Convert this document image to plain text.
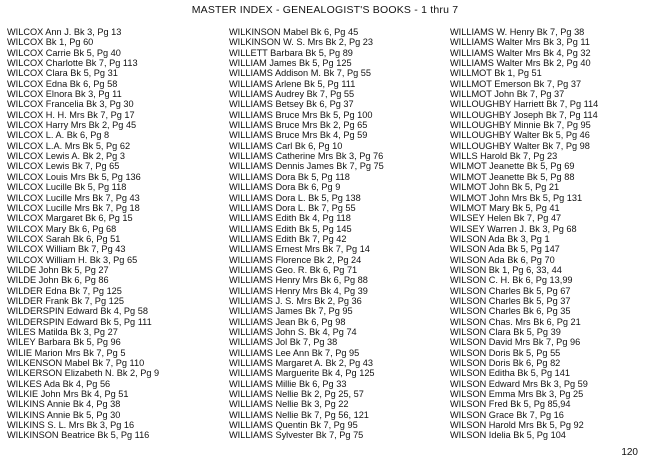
MASTER INDEX - GENEALOGIST'S BOOKS - 1 thru 7
WILCOX Ann J. Bk 3, Pg 13
WILCOX Bk 1, Pg 60
WILCOX Carrie Bk 5, Pg 40
WILCOX Charlotte Bk 7, Pg 113
WILCOX Clara Bk 5, Pg 31
WILCOX Edna Bk 6, Pg 58
WILCOX Elnora Bk 3, Pg 11
WILCOX Francelia Bk 3, Pg 30
WILCOX H. H. Mrs Bk 7, Pg 17
WILCOX Harry Mrs Bk 2, Pg 45
WILCOX L. A. Bk 6, Pg 8
WILCOX L.A. Mrs Bk 5, Pg 62
WILCOX Lewis A. Bk 2, Pg 3
WILCOX Lewis Bk 7, Pg 65
WILCOX Louis Mrs Bk 5, Pg 136
WILCOX Lucille Bk 5, Pg 118
WILCOX Lucille Mrs Bk 7, Pg 43
WILCOX Lucille Mrs Bk 7, Pg 18
WILCOX Margaret Bk 6, Pg 15
WILCOX Mary Bk 6, Pg 68
WILCOX Sarah Bk 6, Pg 51
WILCOX William Bk 7, Pg 43
WILCOX William H. Bk 3, Pg 65
WILDE John Bk 5, Pg 27
WILDE John Bk 6, Pg 86
WILDER Edna Bk 7, Pg 125
WILDER Frank Bk 7, Pg 125
WILDERSPIN Edward Bk 4, Pg 58
WILDERSPIN Edward Bk 5, Pg 111
WILES Matilda Bk 3, Pg 27
WILEY Barbara Bk 5, Pg 96
WILIE Marion Mrs Bk 7, Pg 5
WILKENSON Mabel Bk 7, Pg 110
WILKERSON Elizabeth N. Bk 2, Pg 9
WILKES Ada Bk 4, Pg 56
WILKIE John Mrs Bk 4, Pg 51
WILKINS Annie Bk 4, Pg 38
WILKINS Annie Bk 5, Pg 30
WILKINS S. L. Mrs Bk 3, Pg 16
WILKINSON Beatrice Bk 5, Pg 116
WILKINSON Mabel Bk 6, Pg 45
WILKINSON W. S. Mrs Bk 2, Pg 23
WILLETT Barbara Bk 5, Pg 89
WILLIAM James Bk 5, Pg 125
WILLIAMS Addison M. Bk 7, Pg 55
WILLIAMS Arlene Bk 5, Pg 111
WILLIAMS Audrey Bk 7, Pg 55
WILLIAMS Betsey Bk 6, Pg 37
WILLIAMS Bruce Mrs Bk 5, Pg 100
WILLIAMS Bruce Mrs Bk 2, Pg 65
WILLIAMS Bruce Mrs Bk 4, Pg 59
WILLIAMS Carl Bk 6, Pg 10
WILLIAMS Catherine Mrs Bk 3, Pg 76
WILLIAMS Dennis James Bk 7, Pg 75
WILLIAMS Dora Bk 5, Pg 118
WILLIAMS Dora Bk 6, Pg 9
WILLIAMS Dora L. Bk 5, Pg 138
WILLIAMS Dora L. Bk 7, Pg 55
WILLIAMS Edith Bk 4, Pg 118
WILLIAMS Edith Bk 5, Pg 145
WILLIAMS Edith Bk 7, Pg 42
WILLIAMS Ernest Mrs Bk 7, Pg 14
WILLIAMS Florence Bk 2, Pg 24
WILLIAMS Geo. R. Bk 6, Pg 71
WILLIAMS Henry Mrs Bk 6, Pg 88
WILLIAMS Henry Mrs Bk 4, Pg 39
WILLIAMS J. S. Mrs Bk 2, Pg 36
WILLIAMS James Bk 7, Pg 95
WILLIAMS Jean Bk 6, Pg 98
WILLIAMS John S. Bk 4, Pg 74
WILLIAMS Jol Bk 7, Pg 38
WILLIAMS Lee Ann Bk 7, Pg 95
WILLIAMS Margaret A. Bk 2, Pg 43
WILLIAMS Marguerite Bk 4, Pg 125
WILLIAMS Millie Bk 6, Pg 33
WILLIAMS Nellie Bk 2, Pg 25, 57
WILLIAMS Nellie Bk 3, Pg 22
WILLIAMS Nellie Bk 7, Pg 56, 121
WILLIAMS Quentin Bk 7, Pg 95
WILLIAMS Sylvester Bk 7, Pg 75
WILLIAMS W. Henry Bk 7, Pg 38
WILLIAMS Walter Mrs Bk 3, Pg 11
WILLIAMS Walter Mrs Bk 4, Pg 32
WILLIAMS Walter Mrs Bk 2, Pg 40
WILLMOT Bk 1, Pg 51
WILLMOT Emerson Bk 7, Pg 37
WILLMOT John Bk 7, Pg 37
WILLOUGHBY Harriett Bk 7, Pg 114
WILLOUGHBY Joseph Bk 7, Pg 114
WILLOUGHBY Minnie Bk 7, Pg 95
WILLOUGHBY Walter Bk 5, Pg 46
WILLOUGHBY Walter Bk 7, Pg 98
WILLS Harold Bk 7, Pg 23
WILMOT Jeanette Bk 5, Pg 69
WILMOT Jeanette Bk 5, Pg 88
WILMOT John Bk 5, Pg 21
WILMOT John Mrs Bk 5, Pg 131
WILMOT Mary Bk 5, Pg 41
WILSEY Helen Bk 7, Pg 47
WILSEY Warren J. Bk 3, Pg 68
WILSON Ada Bk 3, Pg 1
WILSON Ada Bk 5, Pg 147
WILSON Ada Bk 6, Pg 70
WILSON Bk 1, Pg 6, 33, 44
WILSON C. H. Bk 6, Pg 13,99
WILSON Charles Bk 5, Pg 67
WILSON Charles Bk 5, Pg 37
WILSON Charles Bk 6, Pg 35
WILSON Chas. Mrs Bk 6, Pg 21
WILSON Clara Bk 5, Pg 39
WILSON David Mrs Bk 7, Pg 96
WILSON Doris Bk 5, Pg 55
WILSON Doris Bk 6, Pg 82
WILSON Editha Bk 5, Pg 141
WILSON Edward Mrs Bk 3, Pg 59
WILSON Emma Mrs Bk 3, Pg 25
WILSON Fred Bk 5, Pg 85,94
WILSON Grace Bk 7, Pg 16
WILSON Harold Mrs Bk 5, Pg 92
WILSON Idelia Bk 5, Pg 104
120
